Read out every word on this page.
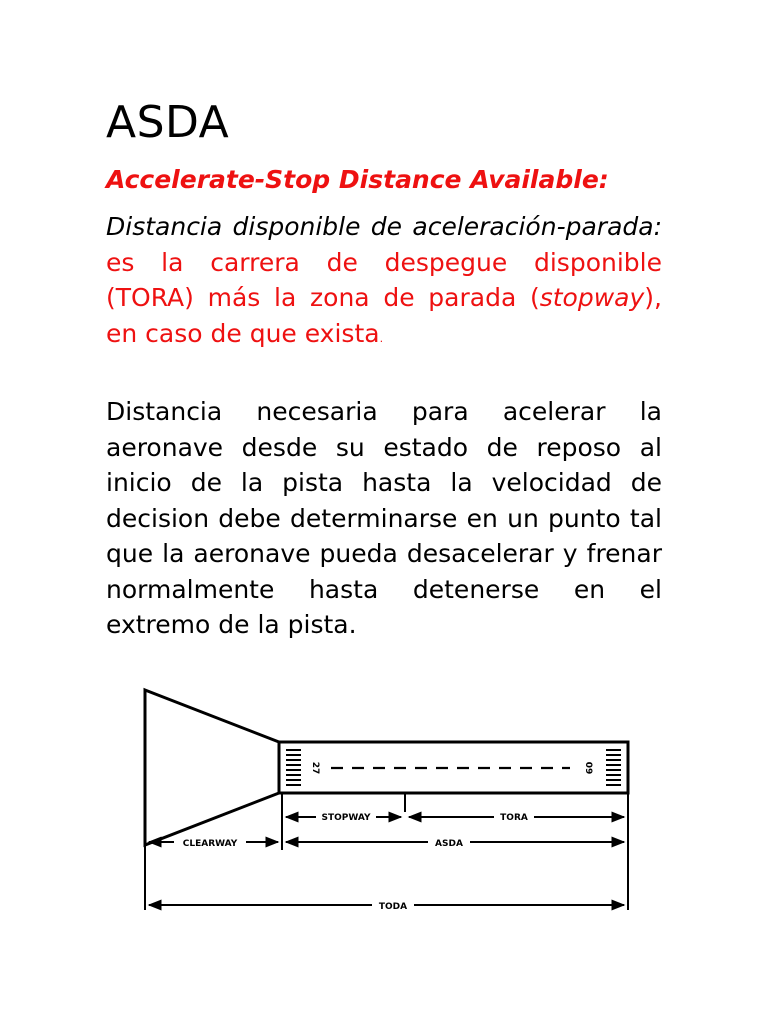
ASDA
Accelerate-Stop Distance Available:
Distancia disponible de aceleración-parada: es la carrera de despegue disponible (TORA) más la zona de parada (stopway), en caso de que exista.
Distancia necesaria para acelerar la aeronave desde su estado de reposo al inicio de la pista hasta la velocidad de decision debe determinarse en un punto tal que la aeronave pueda desacelerar y frenar normalmente hasta detenerse en el extremo de la pista.
27	09
STOPWAY	TORA
CLEARWAY	ASDA
TODA
